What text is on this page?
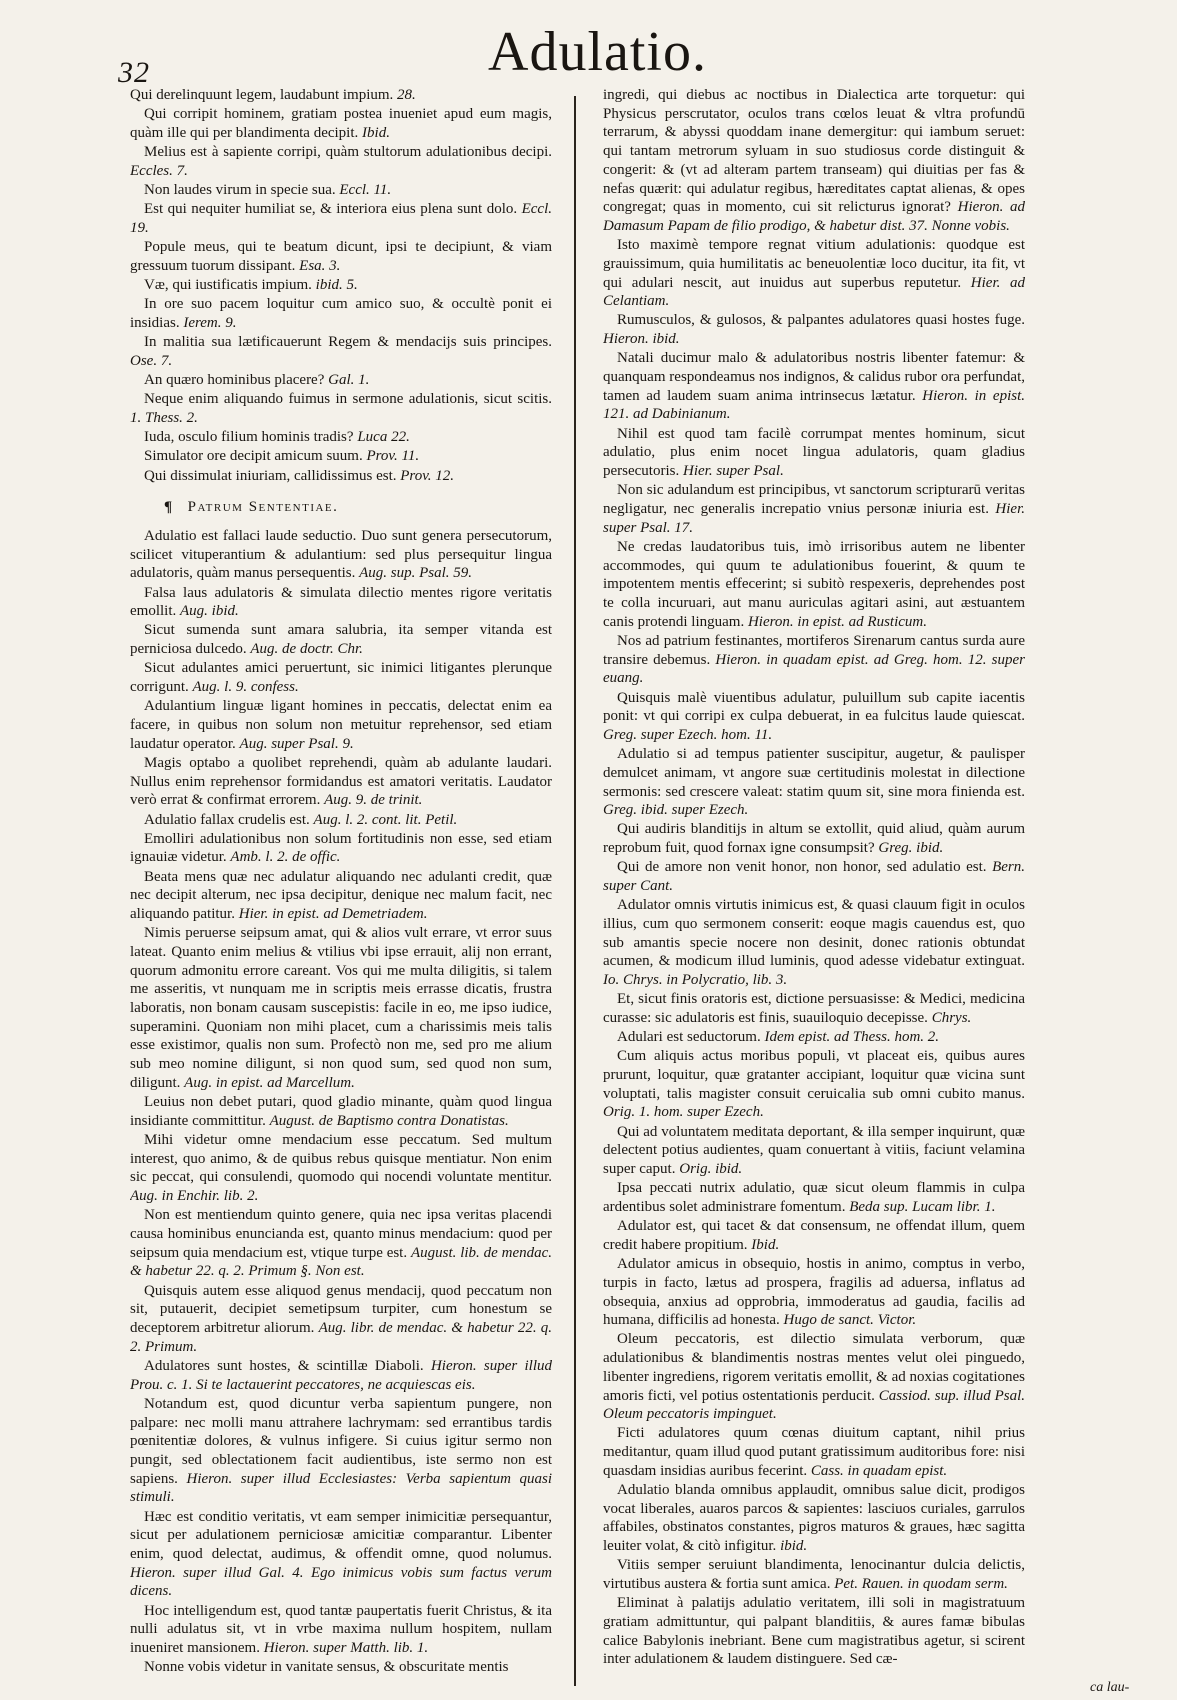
32	Adulatio.

Qui derelinquunt legem, laudabunt impium. 28.

Qui corripit hominem, gratiam postea inueniet apud eum magis, quàm ille qui per blandimenta decipit. Ibid.

Melius est à sapiente corripi, quàm stultorum adulationibus decipi. Eccles. 7.

Non laudes virum in specie sua. Eccl. 11.

Est qui nequiter humiliat se, & interiora eius plena sunt dolo. Eccl. 19.

Popule meus, qui te beatum dicunt, ipsi te decipiunt, & viam gressuum tuorum dissipant. Esa. 3.

Væ, qui iustificatis impium. ibid. 5.

In ore suo pacem loquitur cum amico suo, & occultè ponit ei insidias. Ierem. 9.

In malitia sua lætificauerunt Regem & mendacijs suis principes. Ose. 7.

An quæro hominibus placere? Gal. 1.

Neque enim aliquando fuimus in sermone adulationis, sicut scitis. 1. Thess. 2.

Iuda, osculo filium hominis tradis? Luca 22.

Simulator ore decipit amicum suum. Prov. 11.

Qui dissimulat iniuriam, callidissimus est. Prov. 12.

¶ Patrum Sententiae.

Adulatio est fallaci laude seductio. Duo sunt genera persecutorum, scilicet vituperantium & adulantium: sed plus persequitur lingua adulatoris, quàm manus persequentis. Aug. sup. Psal. 59.

Falsa laus adulatoris & simulata dilectio mentes rigore veritatis emollit. Aug. ibid.

Sicut sumenda sunt amara salubria, ita semper vitanda est perniciosa dulcedo. Aug. de doctr. Chr.

Sicut adulantes amici peruertunt, sic inimici litigantes plerunque corrigunt. Aug. l. 9. confess.

Adulantium linguæ ligant homines in peccatis, delectat enim ea facere, in quibus non solum non metuitur reprehensor, sed etiam laudatur operator. Aug. super Psal. 9.

Magis optabo a quolibet reprehendi, quàm ab adulante laudari. Nullus enim reprehensor formidandus est amatori veritatis. Laudator verò errat & confirmat errorem. Aug. 9. de trinit.

Adulatio fallax crudelis est. Aug. l. 2. cont. lit. Petil.

Emolliri adulationibus non solum fortitudinis non esse, sed etiam ignauiæ videtur. Amb. l. 2. de offic.

Beata mens quæ nec adulatur aliquando nec adulanti credit, quæ nec decipit alterum, nec ipsa decipitur, denique nec malum facit, nec aliquando patitur. Hier. in epist. ad Demetriadem.

Nimis peruerse seipsum amat, qui & alios vult errare, vt error suus lateat. Quanto enim melius & vtilius vbi ipse errauit, alij non errant, quorum admonitu errore careant. Vos qui me multa diligitis, si talem me asseritis, vt nunquam me in scriptis meis errasse dicatis, frustra laboratis, non bonam causam suscepistis: facile in eo, me ipso iudice, superamini. Quoniam non mihi placet, cum a charissimis meis talis esse existimor, qualis non sum. Profectò non me, sed pro me alium sub meo nomine diligunt, si non quod sum, sed quod non sum, diligunt. Aug. in epist. ad Marcellum.

Leuius non debet putari, quod gladio minante, quàm quod lingua insidiante committitur. August. de Baptismo contra Donatistas.

Mihi videtur omne mendacium esse peccatum. Sed multum interest, quo animo, & de quibus rebus quisque mentiatur. Non enim sic peccat, qui consulendi, quomodo qui nocendi voluntate mentitur. Aug. in Enchir. lib. 2.

Non est mentiendum quinto genere, quia nec ipsa veritas placendi causa hominibus enuncianda est, quanto minus mendacium: quod per seipsum quia mendacium est, vtique turpe est. August. lib. de mendac. & habetur 22. q. 2. Primum §. Non est.

Quisquis autem esse aliquod genus mendacij, quod peccatum non sit, putauerit, decipiet semetipsum turpiter, cum honestum se deceptorem arbitretur aliorum. Aug. libr. de mendac. & habetur 22. q. 2. Primum.

Adulatores sunt hostes, & scintillæ Diaboli. Hieron. super illud Prou. c. 1. Si te lactauerint peccatores, ne acquiescas eis.

Notandum est, quod dicuntur verba sapientum pungere, non palpare: nec molli manu attrahere lachrymam: sed errantibus tardis pœnitentiæ dolores, & vulnus infigere. Si cuius igitur sermo non pungit, sed oblectationem facit audientibus, iste sermo non est sapiens. Hieron. super illud Ecclesiastes: Verba sapientum quasi stimuli.

Hæc est conditio veritatis, vt eam semper inimicitiæ persequantur, sicut per adulationem perniciosæ amicitiæ comparantur. Libenter enim, quod delectat, audimus, & offendit omne, quod nolumus. Hieron. super illud Gal. 4. Ego inimicus vobis sum factus verum dicens.

Hoc intelligendum est, quod tantæ paupertatis fuerit Christus, & ita nulli adulatus sit, vt in vrbe maxima nullum hospitem, nullam inueniret mansionem. Hieron. super Matth. lib. 1.

Nonne vobis videtur in vanitate sensus, & obscuritate mentis

ingredi, qui diebus ac noctibus in Dialectica arte torquetur: qui Physicus perscrutator, oculos trans cœlos leuat & vltra profundū terrarum, & abyssi quoddam inane demergitur: qui iambum seruet: qui tantam metrorum syluam in suo studiosus corde distinguit & congerit: & (vt ad alteram partem transeam) qui diuitias per fas & nefas quærit: qui adulatur regibus, hæreditates captat alienas, & opes congregat; quas in momento, cui sit relicturus ignorat? Hieron. ad Damasum Papam de filio prodigo, & habetur dist. 37. Nonne vobis.

Isto maximè tempore regnat vitium adulationis: quodque est grauissimum, quia humilitatis ac beneuolentiæ loco ducitur, ita fit, vt qui adulari nescit, aut inuidus aut superbus reputetur. Hier. ad Celantiam.

Rumusculos, & gulosos, & palpantes adulatores quasi hostes fuge. Hieron. ibid.

Natali ducimur malo & adulatoribus nostris libenter fatemur: & quanquam respondeamus nos indignos, & calidus rubor ora perfundat, tamen ad laudem suam anima intrinsecus lætatur. Hieron. in epist. 121. ad Dabinianum.

Nihil est quod tam facilè corrumpat mentes hominum, sicut adulatio, plus enim nocet lingua adulatoris, quam gladius persecutoris. Hier. super Psal.

Non sic adulandum est principibus, vt sanctorum scripturarū veritas negligatur, nec generalis increpatio vnius personæ iniuria est. Hier. super Psal. 17.

Ne credas laudatoribus tuis, imò irrisoribus autem ne libenter accommodes, qui quum te adulationibus fouerint, & quum te impotentem mentis effecerint; si subitò respexeris, deprehendes post te colla incuruari, aut manu auriculas agitari asini, aut æstuantem canis protendi linguam. Hieron. in epist. ad Rusticum.

Nos ad patrium festinantes, mortiferos Sirenarum cantus surda aure transire debemus. Hieron. in quadam epist. ad Greg. hom. 12. super euang.

Quisquis malè viuentibus adulatur, puluillum sub capite iacentis ponit: vt qui corripi ex culpa debuerat, in ea fulcitus laude quiescat. Greg. super Ezech. hom. 11.

Adulatio si ad tempus patienter suscipitur, augetur, & paulisper demulcet animam, vt angore suæ certitudinis molestat in dilectione sermonis: sed crescere valeat: statim quum sit, sine mora finienda est. Greg. ibid. super Ezech.

Qui audiris blanditijs in altum se extollit, quid aliud, quàm aurum reprobum fuit, quod fornax igne consumpsit? Greg. ibid.

Qui de amore non venit honor, non honor, sed adulatio est. Bern. super Cant.

Adulator omnis virtutis inimicus est, & quasi clauum figit in oculos illius, cum quo sermonem conserit: eoque magis cauendus est, quo sub amantis specie nocere non desinit, donec rationis obtundat acumen, & modicum illud luminis, quod adesse videbatur extinguat. Io. Chrys. in Polycratio, lib. 3.

Et, sicut finis oratoris est, dictione persuasisse: & Medici, medicina curasse: sic adulatoris est finis, suauiloquio decepisse. Chrys.

Adulari est seductorum. Idem epist. ad Thess. hom. 2.

Cum aliquis actus moribus populi, vt placeat eis, quibus aures prurunt, loquitur, quæ gratanter accipiant, loquitur quæ vicina sunt voluptati, talis magister consuit ceruicalia sub omni cubito manus. Orig. 1. hom. super Ezech.

Qui ad voluntatem meditata deportant, & illa semper inquirunt, quæ delectent potius audientes, quam conuertant à vitiis, faciunt velamina super caput. Orig. ibid.

Ipsa peccati nutrix adulatio, quæ sicut oleum flammis in culpa ardentibus solet administrare fomentum. Beda sup. Lucam libr. 1.

Adulator est, qui tacet & dat consensum, ne offendat illum, quem credit habere propitium. Ibid.

Adulator amicus in obsequio, hostis in animo, comptus in verbo, turpis in facto, lætus ad prospera, fragilis ad aduersa, inflatus ad obsequia, anxius ad opprobria, immoderatus ad gaudia, facilis ad humana, difficilis ad honesta. Hugo de sanct. Victor.

Oleum peccatoris, est dilectio simulata verborum, quæ adulationibus & blandimentis nostras mentes velut olei pinguedo, libenter ingrediens, rigorem veritatis emollit, & ad noxias cogitationes amoris ficti, vel potius ostentationis perducit. Cassiod. sup. illud Psal. Oleum peccatoris impinguet.

Ficti adulatores quum cœnas diuitum captant, nihil prius meditantur, quam illud quod putant gratissimum auditoribus fore: nisi quasdam insidias auribus fecerint. Cass. in quadam epist.

Adulatio blanda omnibus applaudit, omnibus salue dicit, prodigos vocat liberales, auaros parcos & sapientes: lasciuos curiales, garrulos affabiles, obstinatos constantes, pigros maturos & graues, hæc sagitta leuiter volat, & citò infigitur. ibid.

Vitiis semper seruiunt blandimenta, lenocinantur dulcia delictis, virtutibus austera & fortia sunt amica. Pet. Rauen. in quodam serm.

Eliminat à palatijs adulatio veritatem, illi soli in magistratuum gratiam admittuntur, qui palpant blanditiis, & aures famæ bibulas calice Babylonis inebriant. Bene cum magistratibus agetur, si scirent inter adulationem & laudem distinguere. Sed cæ-

ca lau-
